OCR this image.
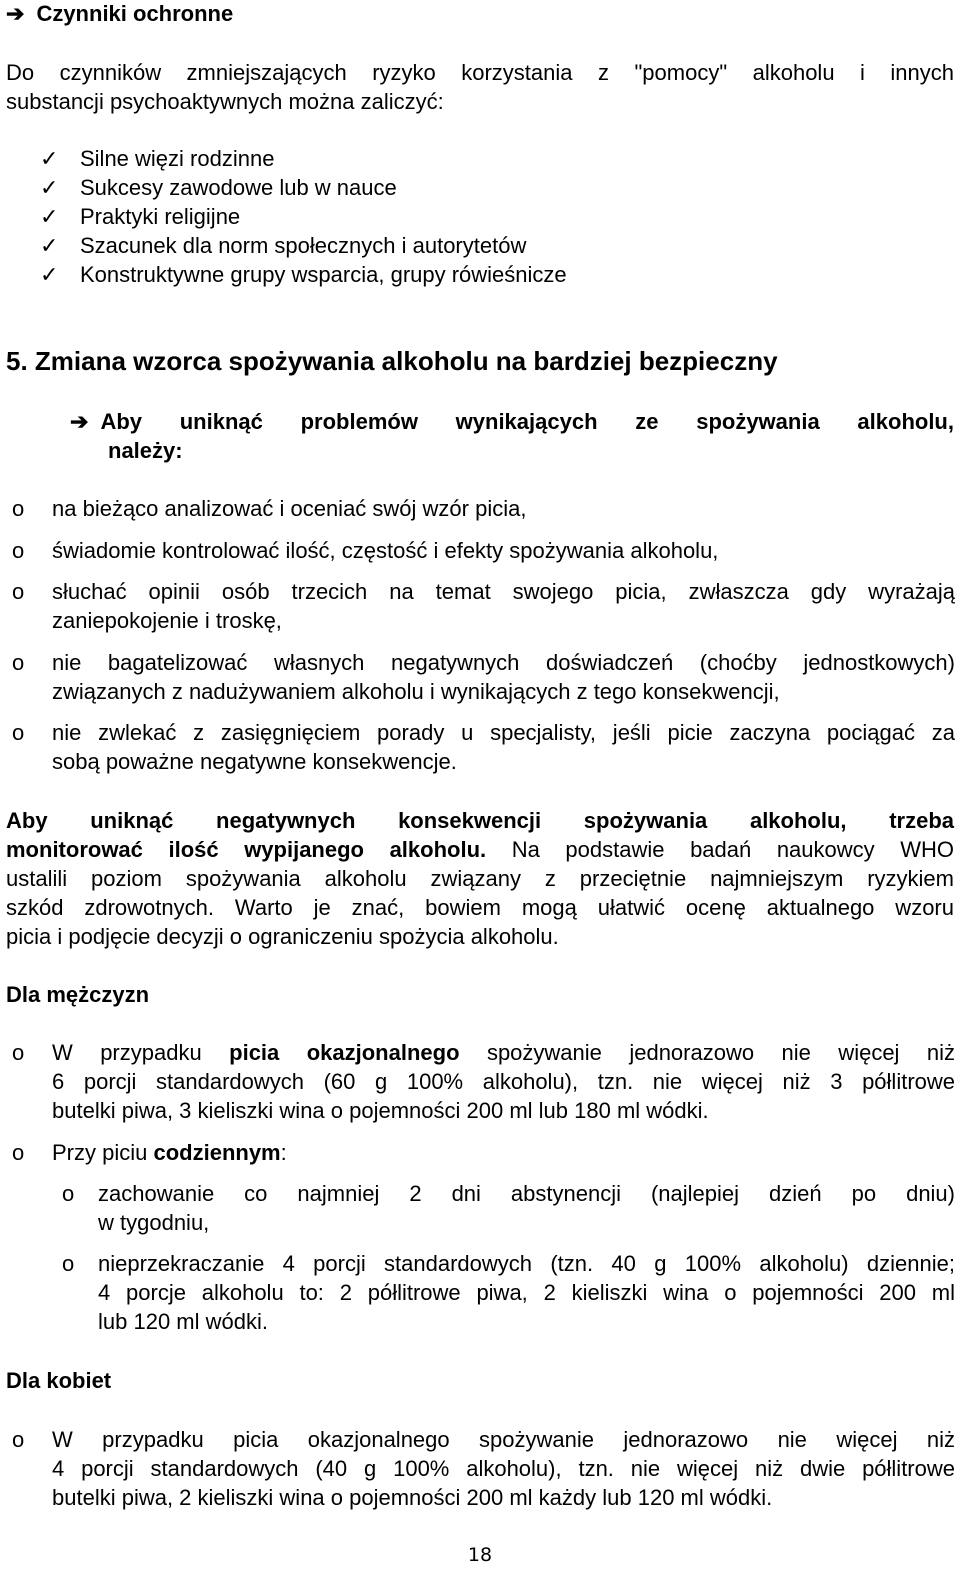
➔ Czynniki ochronne
Do czynników zmniejszających ryzyko korzystania z "pomocy" alkoholu i innych
substancji psychoaktywnych można zaliczyć:
✓ Silne więzi rodzinne
✓ Sukcesy zawodowe lub w nauce
✓ Praktyki religijne
✓ Szacunek dla norm społecznych i autorytetów
✓ Konstruktywne grupy wsparcia, grupy rówieśnicze
5. Zmiana wzorca spożywania alkoholu na bardziej bezpieczny
➔ Aby uniknąć problemów wynikających ze spożywania alkoholu,
należy:
o na bieżąco analizować i oceniać swój wzór picia,
o świadomie kontrolować ilość, częstość i efekty spożywania alkoholu,
o słuchać opinii osób trzecich na temat swojego picia, zwłaszcza gdy wyrażają
zaniepokojenie i troskę,
o nie bagatelizować własnych negatywnych doświadczeń (choćby jednostkowych)
związanych z nadużywaniem alkoholu i wynikających z tego konsekwencji,
o nie zwlekać z zasięgnięciem porady u specjalisty, jeśli picie zaczyna pociągać za
sobą poważne negatywne konsekwencje.
Aby uniknąć negatywnych konsekwencji spożywania alkoholu, trzeba
monitorować ilość wypijanego alkoholu. Na podstawie badań naukowcy WHO
ustalili poziom spożywania alkoholu związany z przeciętnie najmniejszym ryzykiem
szkód zdrowotnych. Warto je znać, bowiem mogą ułatwić ocenę aktualnego wzoru
picia i podjęcie decyzji o ograniczeniu spożycia alkoholu.
Dla mężczyzn
o W przypadku picia okazjonalnego spożywanie jednorazowo nie więcej niż
6 porcji standardowych (60 g 100% alkoholu), tzn. nie więcej niż 3 półlitrowe
butelki piwa, 3 kieliszki wina o pojemności 200 ml lub 180 ml wódki.
o Przy piciu codziennym:
o zachowanie co najmniej 2 dni abstynencji (najlepiej dzień po dniu)
w tygodniu,
o nieprzekraczanie 4 porcji standardowych (tzn. 40 g 100% alkoholu) dziennie;
4 porcje alkoholu to: 2 półlitrowe piwa, 2 kieliszki wina o pojemności 200 ml
lub 120 ml wódki.
Dla kobiet
o W przypadku picia okazjonalnego spożywanie jednorazowo nie więcej niż
4 porcji standardowych (40 g 100% alkoholu), tzn. nie więcej niż dwie półlitrowe
butelki piwa, 2 kieliszki wina o pojemności 200 ml każdy lub 120 ml wódki.
18
